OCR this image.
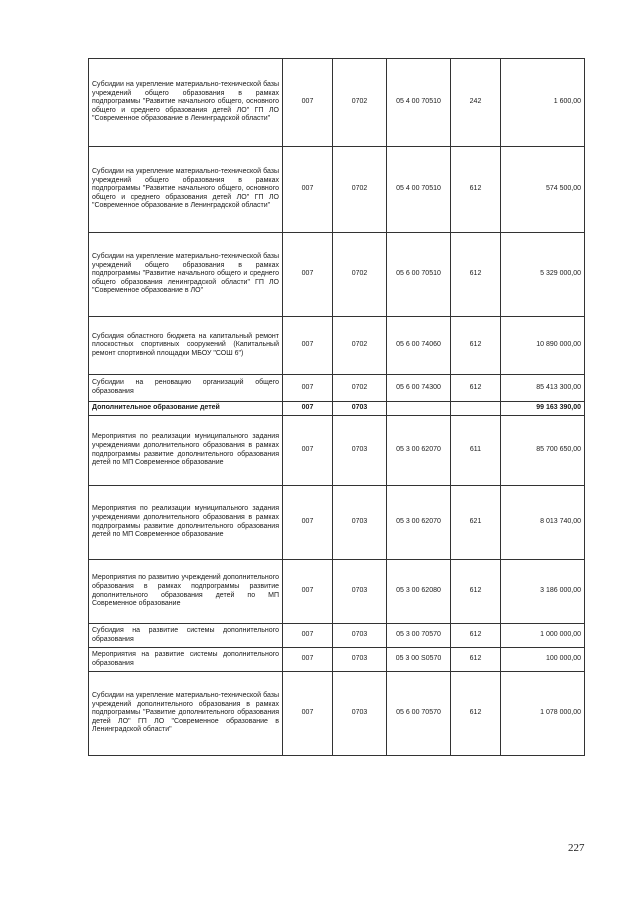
Субсидии на укрепление материально-технической базы учреждений общего образования в рамках подпрограммы "Развитие начального общего, основного общего и среднего образования детей ЛО" ГП ЛО "Современное образование в Ленинградской области"	007	0702	05 4 00 70510	242	1 600,00
Субсидии на укрепление материально-технической базы учреждений общего образования в рамках подпрограммы "Развитие начального общего, основного общего и среднего образования детей ЛО" ГП ЛО "Современное образование в Ленинградской области"	007	0702	05 4 00 70510	612	574 500,00
Субсидии на укрепление материально-технической базы учреждений общего образования в рамках подпрограммы "Развитие начального общего и среднего общего образования ленинградской области" ГП ЛО "Современное образование в ЛО"	007	0702	05 6 00 70510	612	5 329 000,00
Субсидия областного бюджета на капитальный ремонт плоскостных спортивных сооружений (Капитальный ремонт спортивной площадки МБОУ "СОШ 6")	007	0702	05 6 00 74060	612	10 890 000,00
Субсидии на реновацию организаций общего образования	007	0702	05 6 00 74300	612	85 413 300,00
Дополнительное образование детей	007	0703			99 163 390,00
Мероприятия по реализации муниципального задания учреждениями дополнительного образования в рамках подпрограммы развитие дополнительного образования детей по МП Современное образование	007	0703	05 3 00 62070	611	85 700 650,00
Мероприятия по реализации муниципального задания учреждениями дополнительного образования в рамках подпрограммы развитие дополнительного образования детей по МП Современное образование	007	0703	05 3 00 62070	621	8 013 740,00
Мероприятия по развитию учреждений дополнительного образования в рамках подпрограммы развитие дополнительного образования детей по МП Современное образование	007	0703	05 3 00 62080	612	3 186 000,00
Субсидия на развитие системы дополнительного образования	007	0703	05 3 00 70570	612	1 000 000,00
Мероприятия на развитие системы дополнительного образования	007	0703	05 3 00 S0570	612	100 000,00
Субсидии на укрепление материально-технической базы учреждений дополнительного образования в рамках подпрограммы "Развитие дополнительного образования детей ЛО" ГП ЛО "Современное образование в Ленинградской области"	007	0703	05 6 00 70570	612	1 078 000,00
227
